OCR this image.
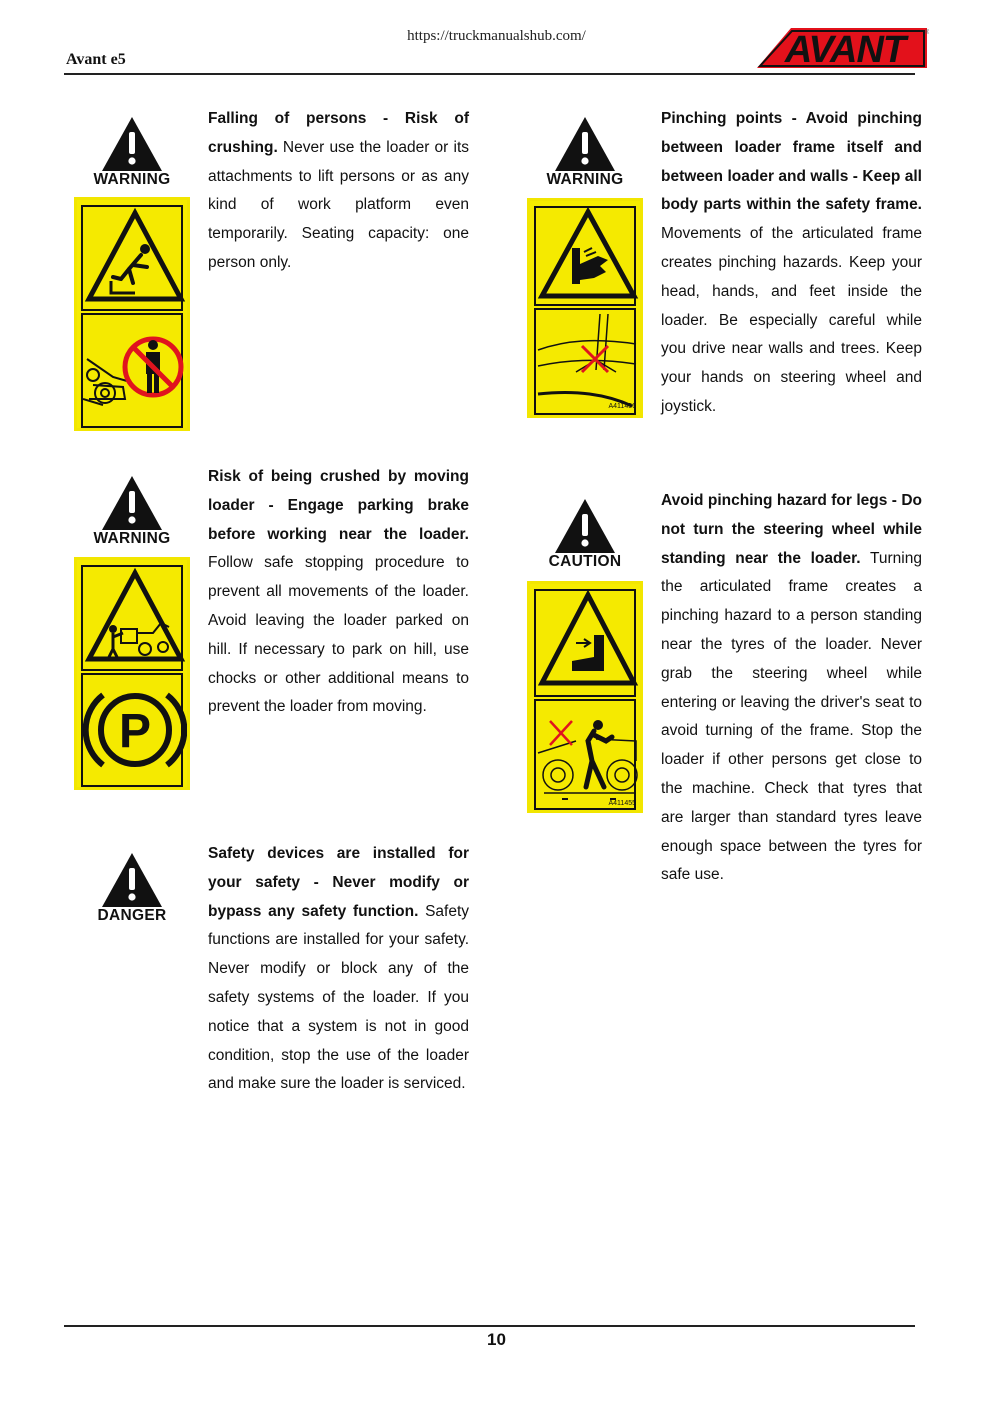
https://truckmanualshub.com/
Avant e5	AVANT	®
WARNING
Falling of persons - Risk of crushing. Never use the loader or its attachments to lift persons or as any kind of work platform even temporarily. Seating capacity: one person only.
WARNING
P
Risk of being crushed by moving loader - Engage parking brake before working near the loader. Follow safe stopping procedure to prevent all movements of the loader. Avoid leaving the loader parked on hill. If necessary to park on hill, use chocks or other additional means to prevent the loader from moving.
DANGER
Safety devices are installed for your safety - Never modify or bypass any safety function. Safety functions are installed for your safety. Never modify or block any of the safety systems of the loader. If you notice that a system is not in good condition, stop the use of the loader and make sure the loader is serviced.
WARNING
A411456
Pinching points - Avoid pinching between loader frame itself and between loader and walls - Keep all body parts within the safety frame. Movements of the articulated frame creates pinching hazards. Keep your head, hands, and feet inside the loader. Be especially careful while you drive near walls and trees. Keep your hands on steering wheel and joystick.
CAUTION
A411455
Avoid pinching hazard for legs - Do not turn the steering wheel while standing near the loader. Turning the articulated frame creates a pinching hazard to a person standing near the tyres of the loader. Never grab the steering wheel while entering or leaving the driver's seat to avoid turning of the frame. Stop the loader if other persons get close to the machine. Check that tyres that are larger than standard tyres leave enough space between the tyres for safe use.
10
